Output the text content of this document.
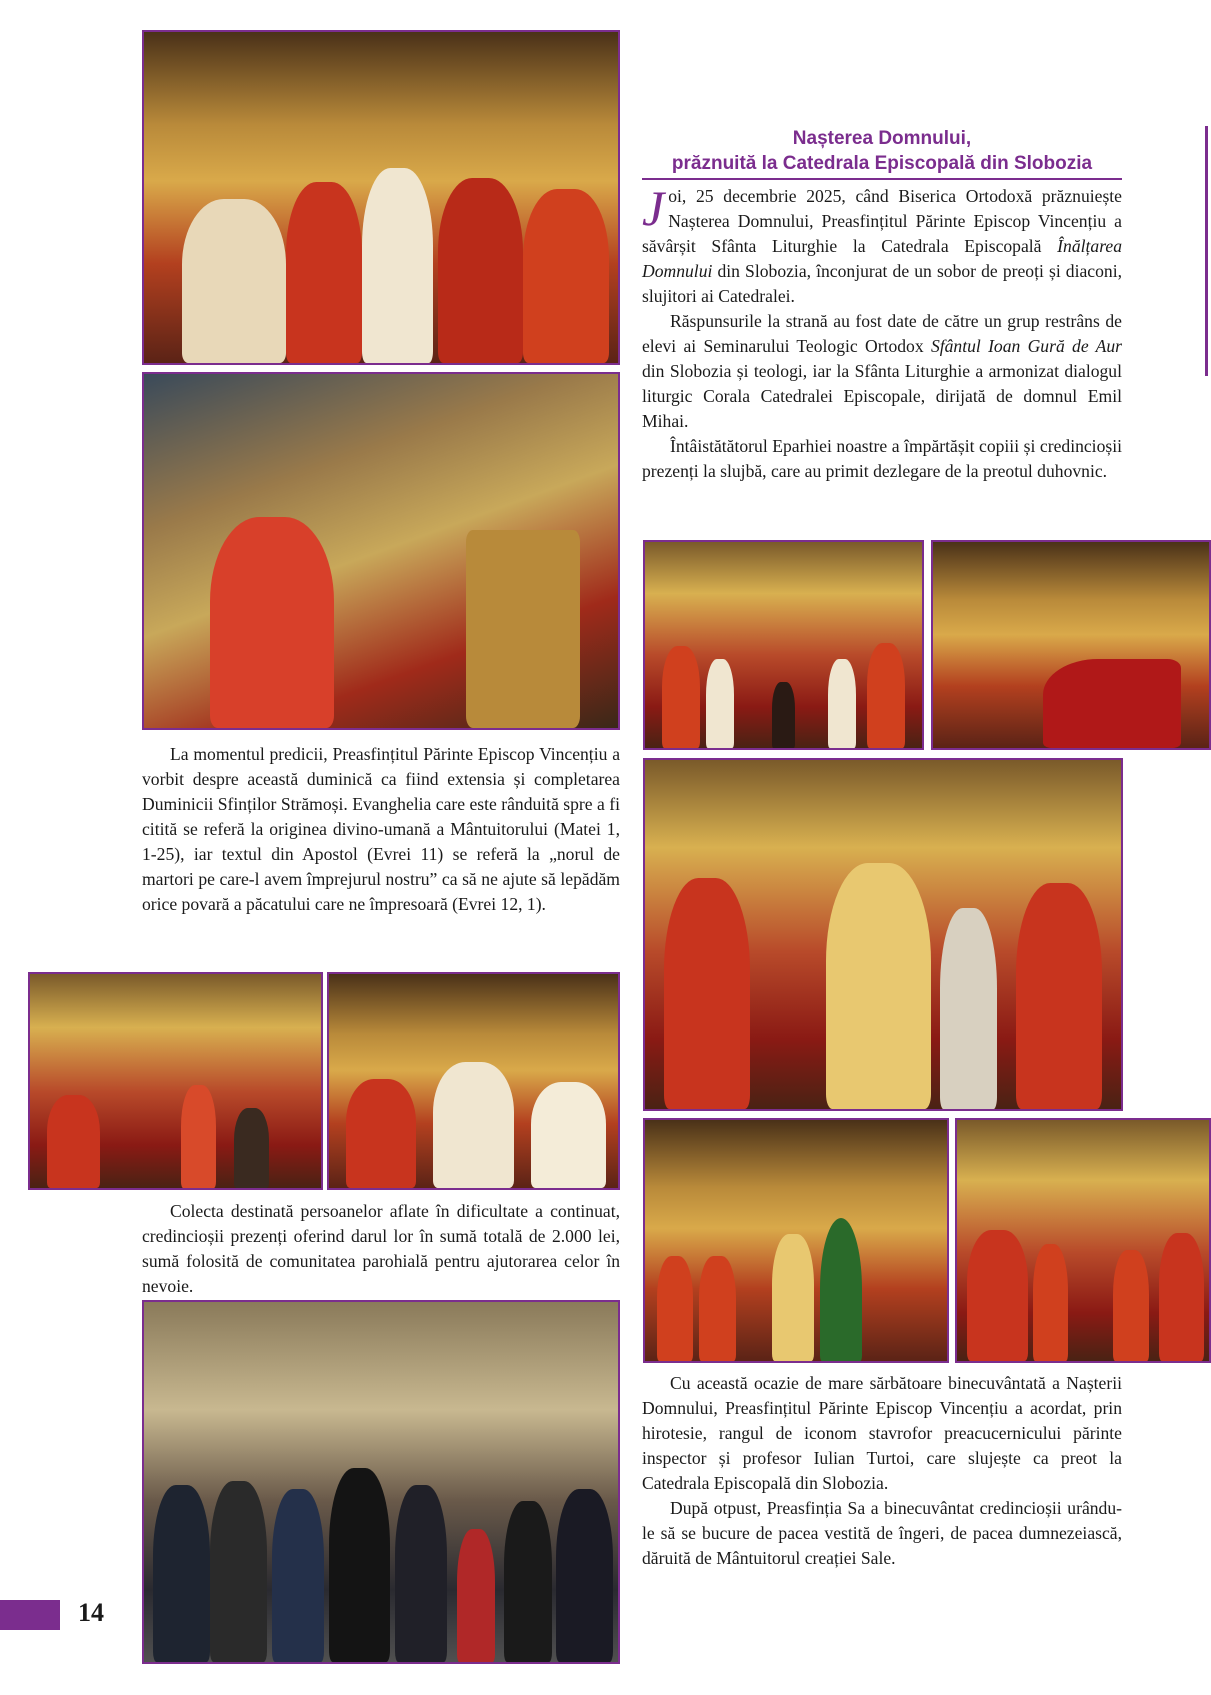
La momentul predicii, Preasfințitul Părinte Episcop Vincențiu a vorbit despre această duminică ca fiind extensia și completarea Duminicii Sfinților Strămoși. Evanghelia care este rânduită spre a fi citită se referă la originea divino-umană a Mântuitorului (Matei 1, 1-25), iar textul din Apostol (Evrei 11) se referă la „norul de martori pe care-l avem împrejurul nostru” ca să ne ajute să lepădăm orice povară a păcatului care ne împresoară (Evrei 12, 1).

Colecta destinată persoanelor aflate în dificultate a continuat, credincioșii prezenți oferind darul lor în sumă totală de 2.000 lei, sumă folosită de comunitatea parohială pentru ajutorarea celor în nevoie.

Nașterea Domnului,
prăznuită la Catedrala Episcopală din Slobozia

Joi, 25 decembrie 2025, când Biserica Ortodoxă prăznuiește Nașterea Domnului, Preasfințitul Părinte Episcop Vincențiu a săvârșit Sfânta Liturghie la Catedrala Episcopală Înălțarea Domnului din Slobozia, înconjurat de un sobor de preoți și diaconi, slujitori ai Catedralei.

Răspunsurile la strană au fost date de către un grup restrâns de elevi ai Seminarului Teologic Ortodox Sfântul Ioan Gură de Aur din Slobozia și teologi, iar la Sfânta Liturghie a armonizat dialogul liturgic Corala Catedralei Episcopale, dirijată de domnul Emil Mihai.

Întâistătătorul Eparhiei noastre a împărtășit copiii și credincioșii prezenți la slujbă, care au primit dezlegare de la preotul duhovnic.

Cu această ocazie de mare sărbătoare binecuvântată a Nașterii Domnului, Preasfințitul Părinte Episcop Vincențiu a acordat, prin hirotesie, rangul de iconom stavrofor preacucernicului părinte inspector și profesor Iulian Turtoi, care slujește ca preot la Catedrala Episcopală din Slobozia.

După otpust, Preasfinția Sa a binecuvântat credincioșii urându-le să se bucure de pacea vestită de îngeri, de pacea dumnezeiască, dăruită de Mântuitorul creației Sale.

14
